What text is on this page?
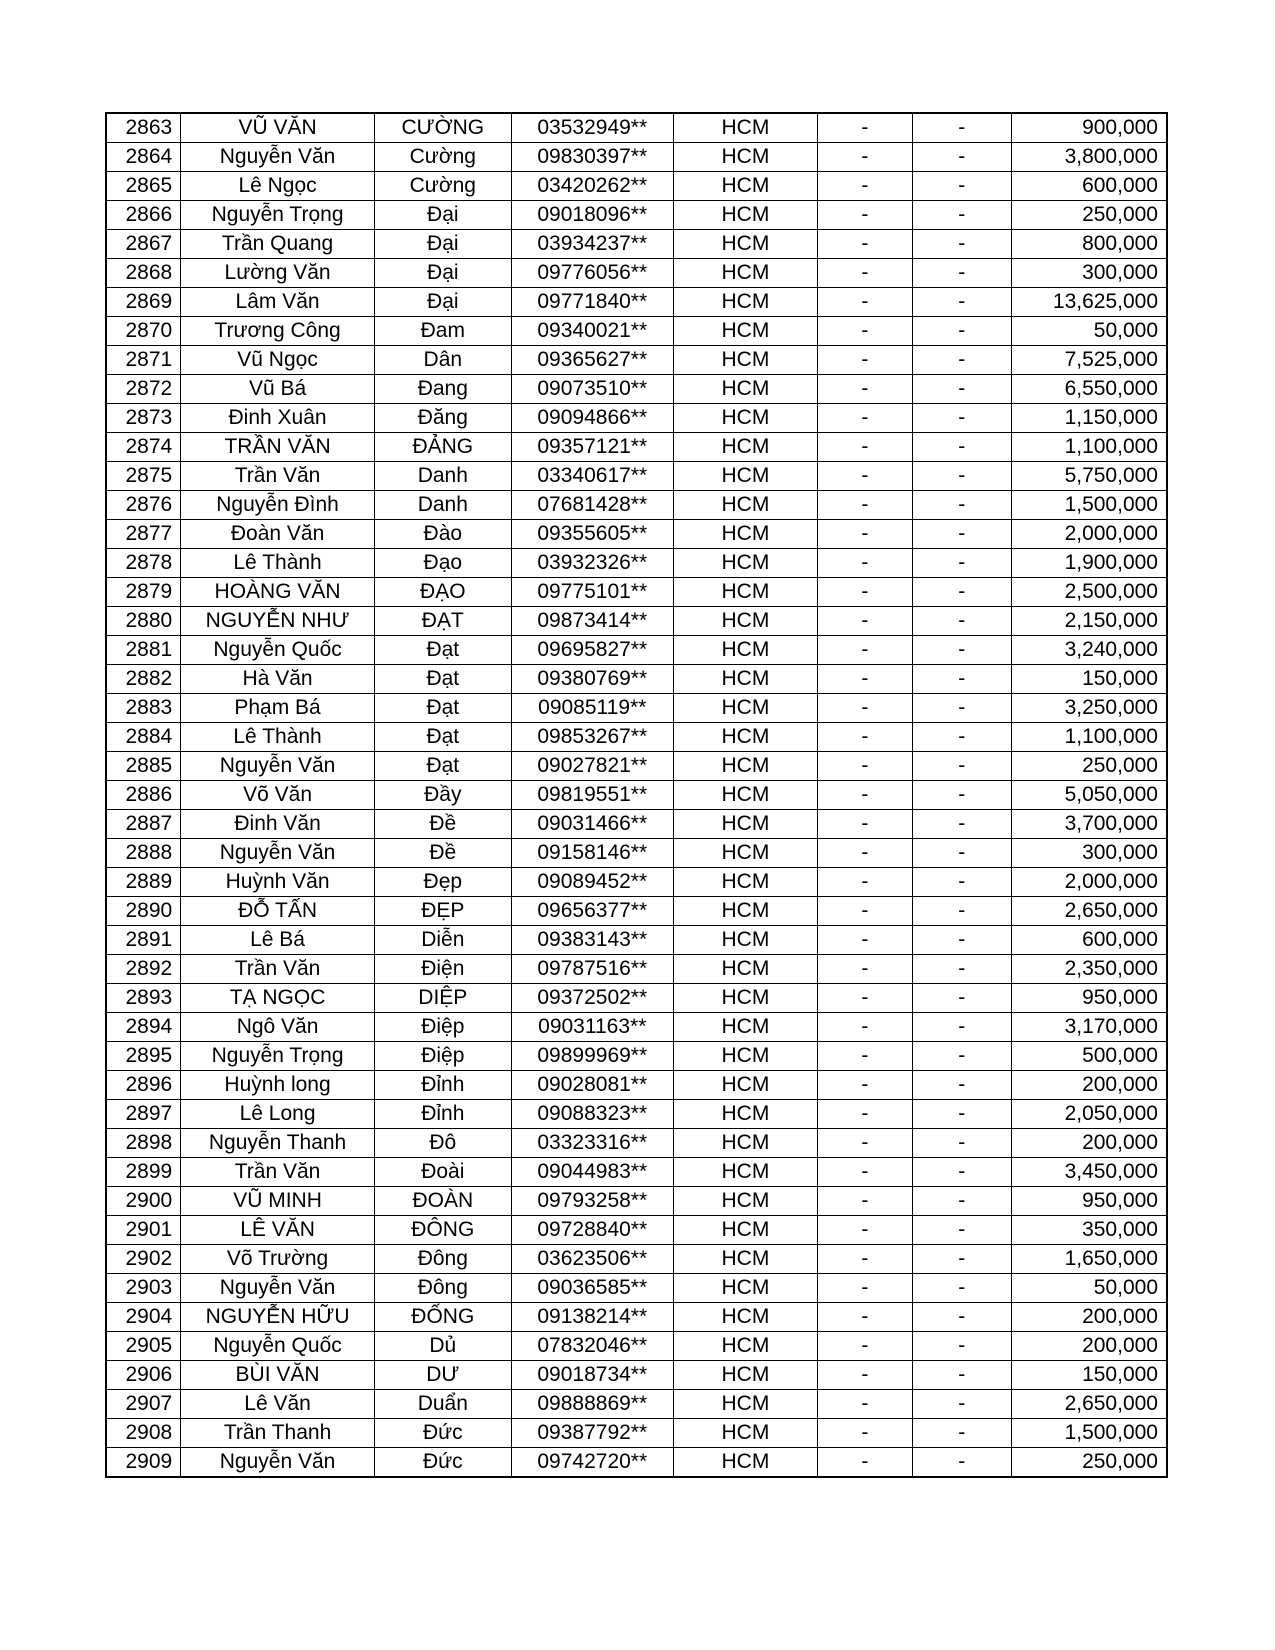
2863	VŨ VĂN	CƯỜNG	03532949**	HCM	-	-	900,000
2864	Nguyễn Văn	Cường	09830397**	HCM	-	-	3,800,000
2865	Lê Ngọc	Cường	03420262**	HCM	-	-	600,000
2866	Nguyễn Trọng	Đại	09018096**	HCM	-	-	250,000
2867	Trần Quang	Đại	03934237**	HCM	-	-	800,000
2868	Lường Văn	Đại	09776056**	HCM	-	-	300,000
2869	Lâm Văn	Đại	09771840**	HCM	-	-	13,625,000
2870	Trương Công	Đam	09340021**	HCM	-	-	50,000
2871	Vũ Ngọc	Dân	09365627**	HCM	-	-	7,525,000
2872	Vũ Bá	Đang	09073510**	HCM	-	-	6,550,000
2873	Đinh Xuân	Đăng	09094866**	HCM	-	-	1,150,000
2874	TRẦN VĂN	ĐẢNG	09357121**	HCM	-	-	1,100,000
2875	Trần Văn	Danh	03340617**	HCM	-	-	5,750,000
2876	Nguyễn Đình	Danh	07681428**	HCM	-	-	1,500,000
2877	Đoàn Văn	Đào	09355605**	HCM	-	-	2,000,000
2878	Lê Thành	Đạo	03932326**	HCM	-	-	1,900,000
2879	HOÀNG VĂN	ĐẠO	09775101**	HCM	-	-	2,500,000
2880	NGUYỄN NHƯ	ĐẠT	09873414**	HCM	-	-	2,150,000
2881	Nguyễn Quốc	Đạt	09695827**	HCM	-	-	3,240,000
2882	Hà Văn	Đạt	09380769**	HCM	-	-	150,000
2883	Phạm Bá	Đạt	09085119**	HCM	-	-	3,250,000
2884	Lê Thành	Đạt	09853267**	HCM	-	-	1,100,000
2885	Nguyễn Văn	Đạt	09027821**	HCM	-	-	250,000
2886	Võ Văn	Đầy	09819551**	HCM	-	-	5,050,000
2887	Đinh Văn	Đề	09031466**	HCM	-	-	3,700,000
2888	Nguyễn Văn	Đề	09158146**	HCM	-	-	300,000
2889	Huỳnh Văn	Đẹp	09089452**	HCM	-	-	2,000,000
2890	ĐỖ TẤN	ĐẸP	09656377**	HCM	-	-	2,650,000
2891	Lê Bá	Diễn	09383143**	HCM	-	-	600,000
2892	Trần Văn	Điện	09787516**	HCM	-	-	2,350,000
2893	TẠ NGỌC	DIỆP	09372502**	HCM	-	-	950,000
2894	Ngô Văn	Điệp	09031163**	HCM	-	-	3,170,000
2895	Nguyễn Trọng	Điệp	09899969**	HCM	-	-	500,000
2896	Huỳnh long	Đỉnh	09028081**	HCM	-	-	200,000
2897	Lê Long	Đỉnh	09088323**	HCM	-	-	2,050,000
2898	Nguyễn Thanh	Đô	03323316**	HCM	-	-	200,000
2899	Trần Văn	Đoài	09044983**	HCM	-	-	3,450,000
2900	VŨ MINH	ĐOÀN	09793258**	HCM	-	-	950,000
2901	LÊ VĂN	ĐÔNG	09728840**	HCM	-	-	350,000
2902	Võ Trường	Đông	03623506**	HCM	-	-	1,650,000
2903	Nguyễn Văn	Đông	09036585**	HCM	-	-	50,000
2904	NGUYỄN HỮU	ĐỐNG	09138214**	HCM	-	-	200,000
2905	Nguyễn Quốc	Dủ	07832046**	HCM	-	-	200,000
2906	BÙI VĂN	DƯ	09018734**	HCM	-	-	150,000
2907	Lê Văn	Duẩn	09888869**	HCM	-	-	2,650,000
2908	Trần Thanh	Đức	09387792**	HCM	-	-	1,500,000
2909	Nguyễn Văn	Đức	09742720**	HCM	-	-	250,000
